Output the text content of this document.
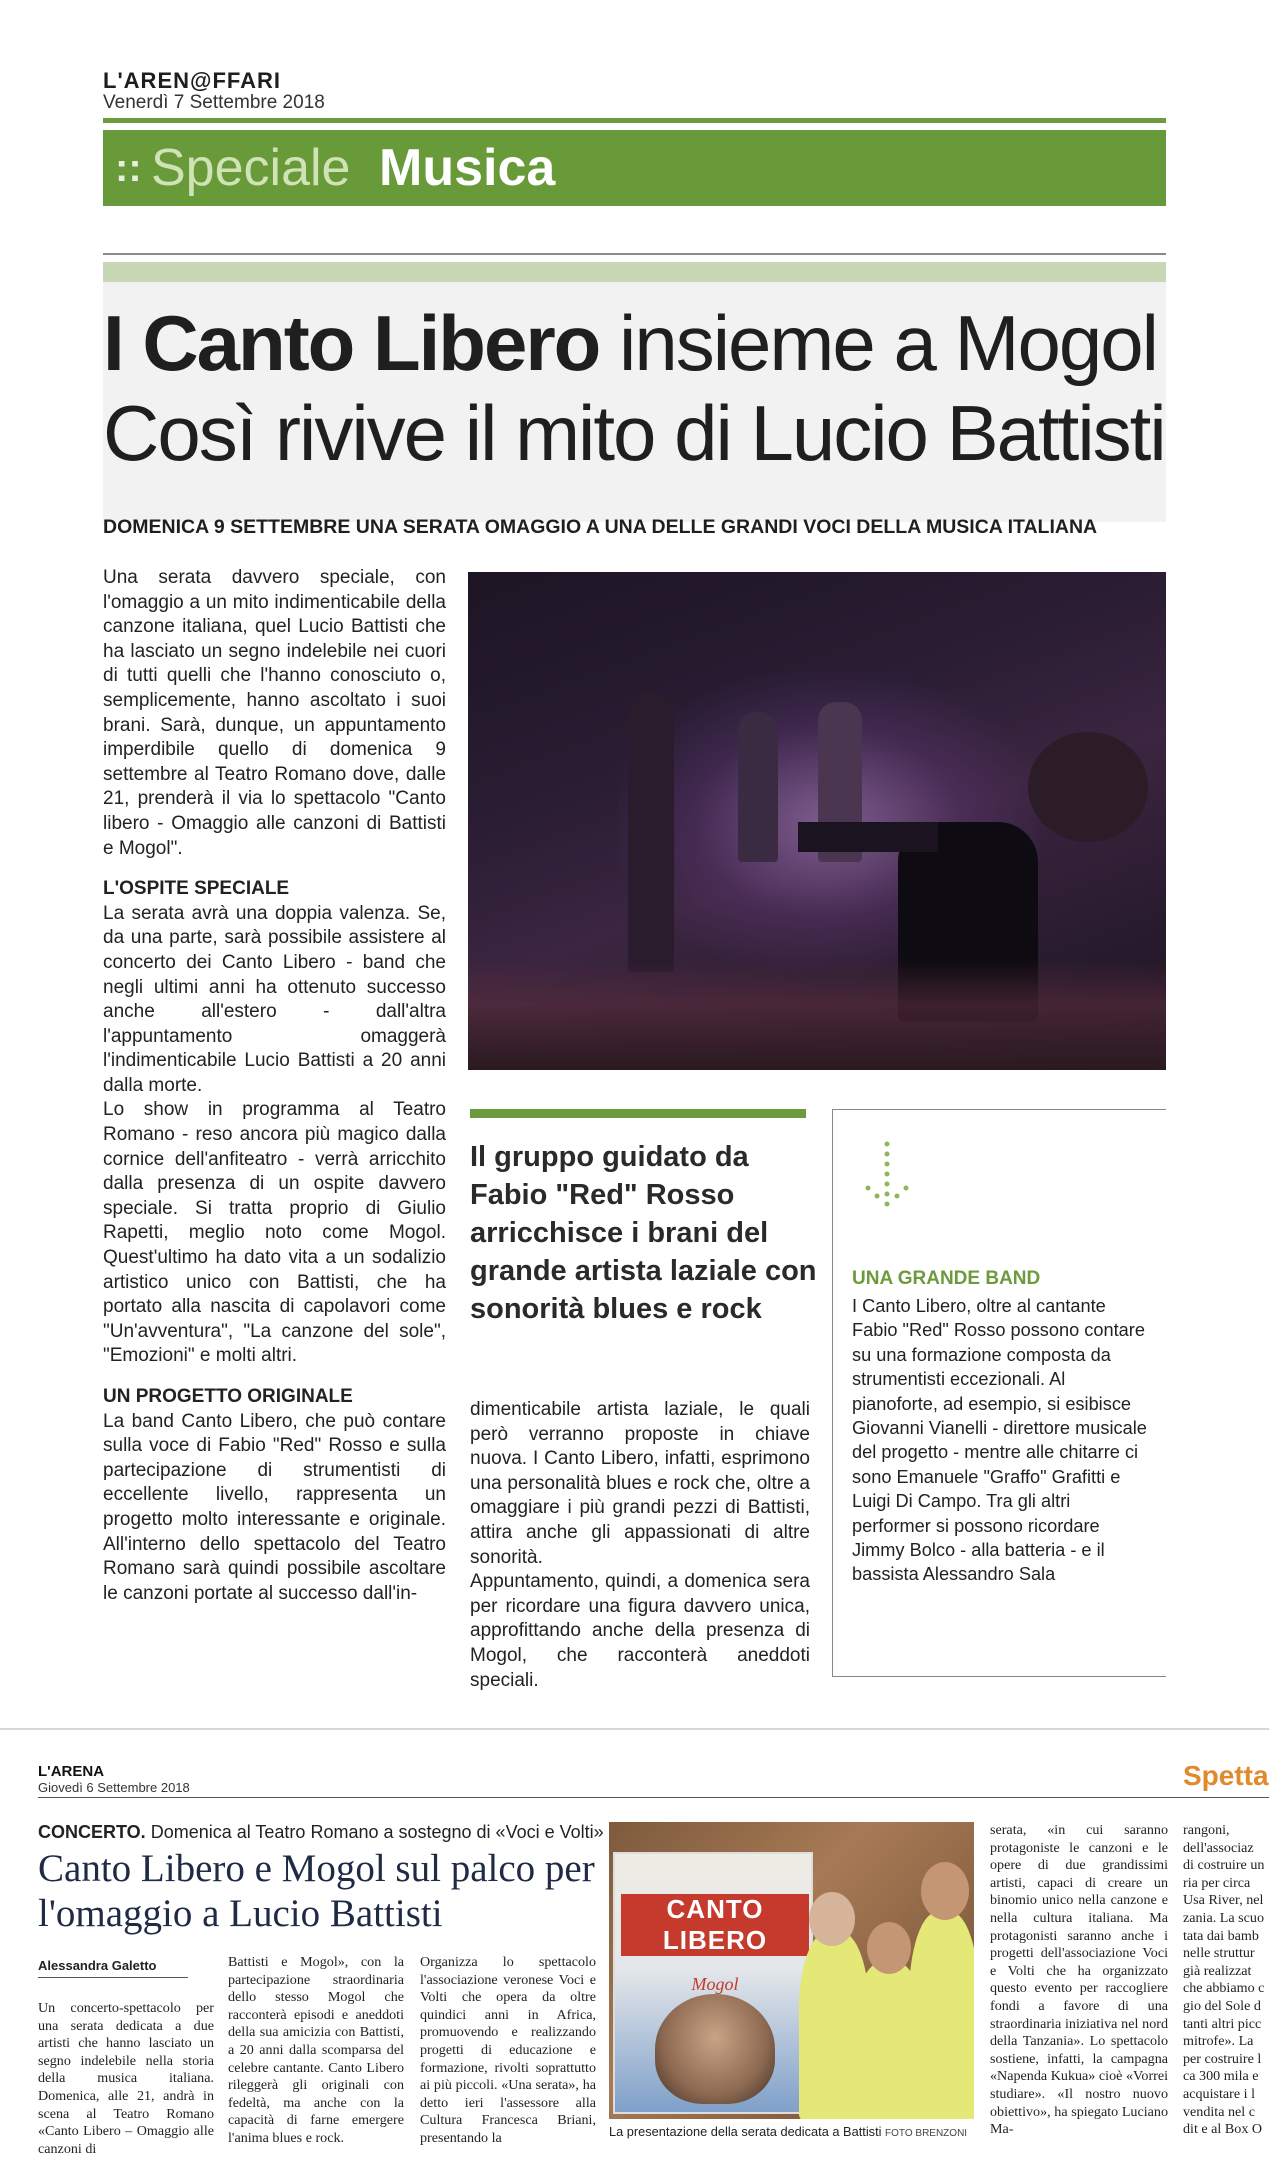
L'AREN@FFARI
Venerdì 7 Settembre 2018
:: Speciale Musica
I Canto Libero insieme a Mogol
Così rivive il mito di Lucio Battisti
DOMENICA 9 SETTEMBRE UNA SERATA OMAGGIO A UNA DELLE GRANDI VOCI DELLA MUSICA ITALIANA

Una serata davvero speciale, con l'omaggio a un mito indimenticabile della canzone italiana, quel Lucio Battisti che ha lasciato un segno indelebile nei cuori di tutti quelli che l'hanno conosciuto o, semplicemente, hanno ascoltato i suoi brani. Sarà, dunque, un appuntamento imperdibile quello di domenica 9 settembre al Teatro Romano dove, dalle 21, prenderà il via lo spettacolo "Canto libero - Omaggio alle canzoni di Battisti e Mogol".

L'OSPITE SPECIALE

La serata avrà una doppia valenza. Se, da una parte, sarà possibile assistere al concerto dei Canto Libero - band che negli ultimi anni ha ottenuto successo anche all'estero - dall'altra l'appuntamento omaggerà l'indimenticabile Lucio Battisti a 20 anni dalla morte.

Lo show in programma al Teatro Romano - reso ancora più magico dalla cornice dell'anfiteatro - verrà arricchito dalla presenza di un ospite davvero speciale. Si tratta proprio di Giulio Rapetti, meglio noto come Mogol. Quest'ultimo ha dato vita a un sodalizio artistico unico con Battisti, che ha portato alla nascita di capolavori come "Un'avventura", "La canzone del sole", "Emozioni" e molti altri.

UN PROGETTO ORIGINALE

La band Canto Libero, che può contare sulla voce di Fabio "Red" Rosso e sulla partecipazione di strumentisti di eccellente livello, rappresenta un progetto molto interessante e originale. All'interno dello spettacolo del Teatro Romano sarà quindi possibile ascoltare le canzoni portate al successo dall'in-

Il gruppo guidato da Fabio "Red" Rosso arricchisce i brani del grande artista laziale con sonorità blues e rock

dimenticabile artista laziale, le quali però verranno proposte in chiave nuova. I Canto Libero, infatti, esprimono una personalità blues e rock che, oltre a omaggiare i più grandi pezzi di Battisti, attira anche gli appassionati di altre sonorità.

Appuntamento, quindi, a domenica sera per ricordare una figura davvero unica, approfittando anche della presenza di Mogol, che racconterà aneddoti speciali.

UNA GRANDE BAND
I Canto Libero, oltre al cantante Fabio "Red" Rosso possono contare su una formazione composta da strumentisti eccezionali. Al pianoforte, ad esempio, si esibisce Giovanni Vianelli - direttore musicale del progetto - mentre alle chitarre ci sono Emanuele "Graffo" Grafitti e Luigi Di Campo. Tra gli altri performer si possono ricordare Jimmy Bolco - alla batteria - e il bassista Alessandro Sala
L'ARENA
Giovedì 6 Settembre 2018	Spetta
CONCERTO. Domenica al Teatro Romano a sostegno di «Voci e Volti»
Canto Libero e Mogol sul palco per l'omaggio a Lucio Battisti
Alessandra Galetto
Un concerto-spettacolo per una serata dedicata a due artisti che hanno lasciato un segno indelebile nella storia della musica italiana. Domenica, alle 21, andrà in scena al Teatro Romano «Canto Libero – Omaggio alle canzoni di
Battisti e Mogol», con la partecipazione straordinaria dello stesso Mogol che racconterà episodi e aneddoti della sua amicizia con Battisti, a 20 anni dalla scomparsa del celebre cantante. Canto Libero rileggerà gli originali con fedeltà, ma anche con la capacità di farne emergere l'anima blues e rock.
Organizza lo spettacolo l'associazione veronese Voci e Volti che opera da oltre quindici anni in Africa, promuovendo e realizzando progetti di educazione e formazione, rivolti soprattutto ai più piccoli. «Una serata», ha detto ieri l'assessore alla Cultura Francesca Briani, presentando la
CANTO LIBERO
Mogol
La presentazione della serata dedicata a Battisti FOTO BRENZONI
serata, «in cui saranno protagoniste le canzoni e le opere di due grandissimi artisti, capaci di creare un binomio unico nella canzone e nella cultura italiana. Ma protagonisti saranno anche i progetti dell'associazione Voci e Volti che ha organizzato questo evento per raccogliere fondi a favore di una straordinaria iniziativa nel nord della Tanzania». Lo spettacolo sostiene, infatti, la campagna «Napenda Kukua» cioè «Vorrei studiare». «Il nostro nuovo obiettivo», ha spiegato Luciano Ma-
rangoni,
dell'associaz
di costruire un
ria per circa
Usa River, nel
zania. La scuo
tata dai bamb
nelle struttur
già realizzat
che abbiamo c
gio del Sole d
tanti altri picc
mitrofe». La
per costruire l
ca 300 mila e
acquistare i l
vendita nel c
dit e al Box O
